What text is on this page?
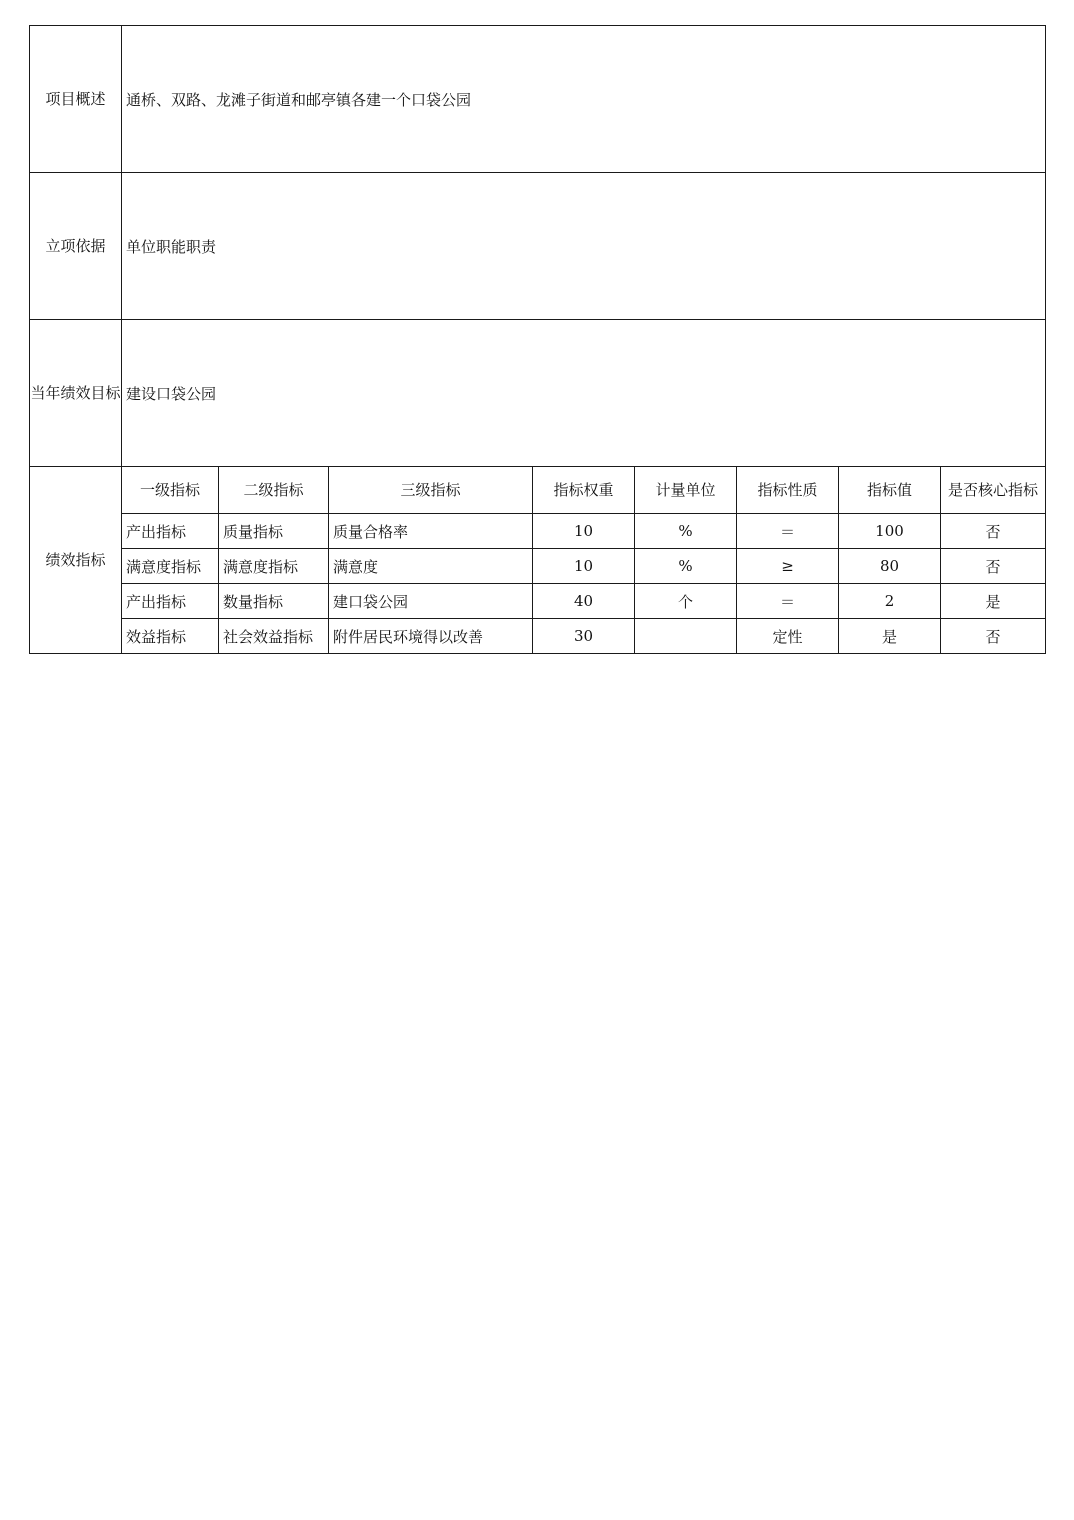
项目概述	通桥、双路、龙滩子街道和邮亭镇各建一个口袋公园							
立项依据	单位职能职责							
当年绩效目标	建设口袋公园							
绩效指标	一级指标	二级指标	三级指标	指标权重	计量单位	指标性质	指标值	是否核心指标
	产出指标	质量指标	质量合格率	10	%	＝	100	否
	满意度指标	满意度指标	满意度	10	%	≥	80	否
	产出指标	数量指标	建口袋公园	40	个	＝	2	是
	效益指标	社会效益指标	附件居民环境得以改善	30		定性	是	否
